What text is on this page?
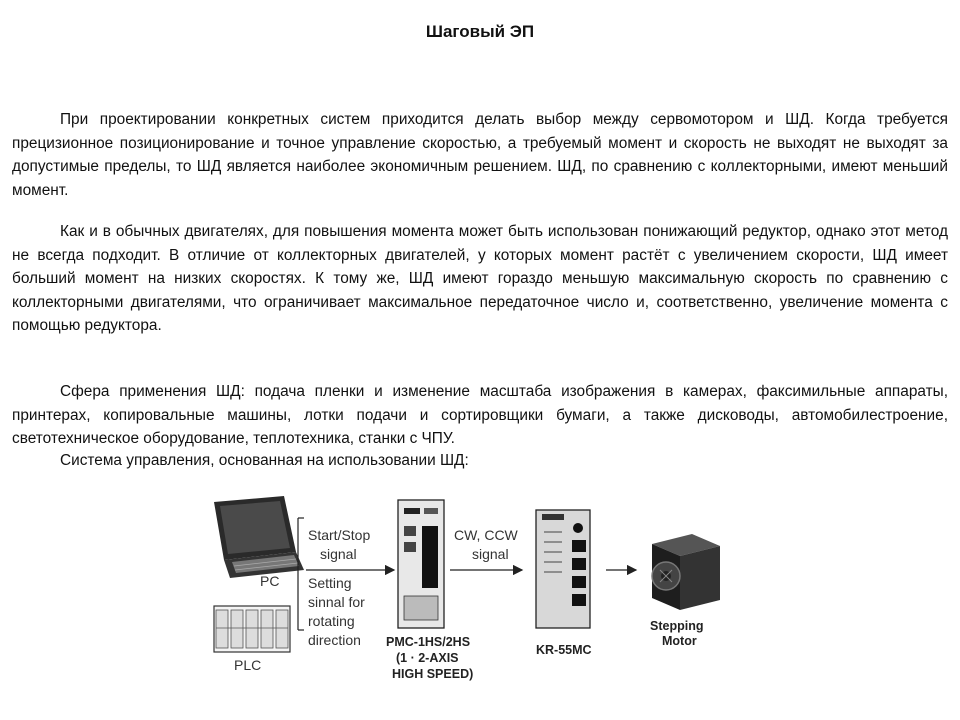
Шаговый ЭП

При проектировании конкретных систем приходится делать выбор между сервомотором и ШД. Когда требуется прецизионное позиционирование и точное управление скоростью, а требуемый момент и скорость не выходят не выходят за допустимые пределы, то ШД является наиболее экономичным решением. ШД, по сравнению с коллекторными, имеют меньший момент.

Как и в обычных двигателях, для повышения момента может быть использован понижающий редуктор, однако этот метод не всегда подходит. В отличие от коллекторных двигателей, у которых момент растёт с увеличением скорости, ШД имеет больший момент на низких скоростях. К тому же, ШД имеют гораздо меньшую максимальную скорость по сравнению с коллекторными двигателями, что ограничивает максимальное передаточное число и, соответственно, увеличение момента с помощью редуктора.

Сфера применения ШД: подача пленки и изменение масштаба изображения в камерах, факсимильные аппараты, принтерах, копировальные машины, лотки подачи и сортировщики бумаги, а также дисководы, автомобилестроение, светотехническое оборудование, теплотехника, станки с ЧПУ.

Система управления, основанная на использовании ШД:

PC
PLC
Start/Stop
signal
Setting
sinnal for
rotating
direction PMC-1HS/2HS
(1 · 2-AXIS
HIGH SPEED)
CW, CCW
signal
KR-55MC
Stepping
Motor
